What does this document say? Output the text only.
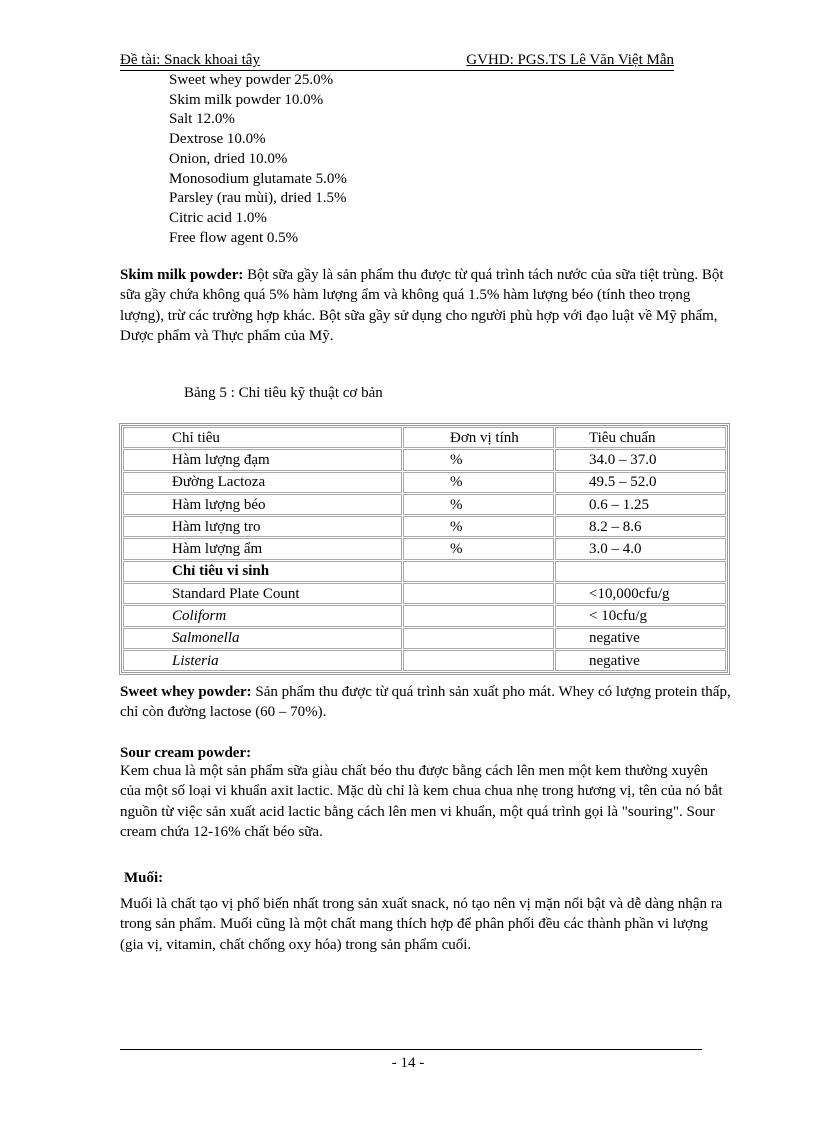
Đề tài: Snack khoai tây	GVHD: PGS.TS Lê Văn Việt Mẫn
Sweet whey powder 25.0%
Skim milk powder 10.0%
Salt 12.0%
Dextrose 10.0%
Onion, dried 10.0%
Monosodium glutamate 5.0%
Parsley (rau mùi), dried 1.5%
Citric acid 1.0%
Free flow agent 0.5%

Skim milk powder: Bột sữa gầy là sản phẩm thu được từ quá trình tách nước của sữa tiệt trùng. Bột sữa gầy chứa không quá 5% hàm lượng ẩm và không quá 1.5% hàm lượng béo (tính theo trọng lượng), trừ các trường hợp khác. Bột sữa gầy sử dụng cho người phù hợp với đạo luật về Mỹ phẩm, Dược phẩm và Thực phẩm của Mỹ.

Bảng 5 : Chỉ tiêu kỹ thuật cơ bản
Chỉ tiêu	Đơn vị tính	Tiêu chuẩn
Hàm lượng đạm	%	34.0 – 37.0
Đường Lactoza	%	49.5 – 52.0
Hàm lượng béo	%	0.6 – 1.25
Hàm lượng tro	%	8.2 – 8.6
Hàm lượng ẩm	%	3.0 – 4.0
Chỉ tiêu vi sinh		
Standard Plate Count		<10,000cfu/g
Coliform		< 10cfu/g
Salmonella		negative
Listeria		negative

Sweet whey powder: Sản phẩm thu được từ quá trình sản xuất pho mát. Whey có lượng protein thấp, chỉ còn đường lactose (60 – 70%).

Sour cream powder:

Kem chua là một sản phẩm sữa giàu chất béo thu được bằng cách lên men một kem thường xuyên của một số loại vi khuẩn axit lactic. Mặc dù chỉ là kem chua chua nhẹ trong hương vị, tên của nó bắt nguồn từ việc sản xuất acid lactic bằng cách lên men vi khuẩn, một quá trình gọi là "souring". Sour cream chứa 12-16% chất béo sữa.

Muối:

Muối là chất tạo vị phổ biến nhất trong sản xuất snack, nó tạo nên vị mặn nổi bật và dễ dàng nhận ra trong sản phẩm. Muối cũng là một chất mang thích hợp để phân phối đều các thành phần vi lượng (gia vị, vitamin, chất chống oxy hóa) trong sản phẩm cuối.

- 14 -
